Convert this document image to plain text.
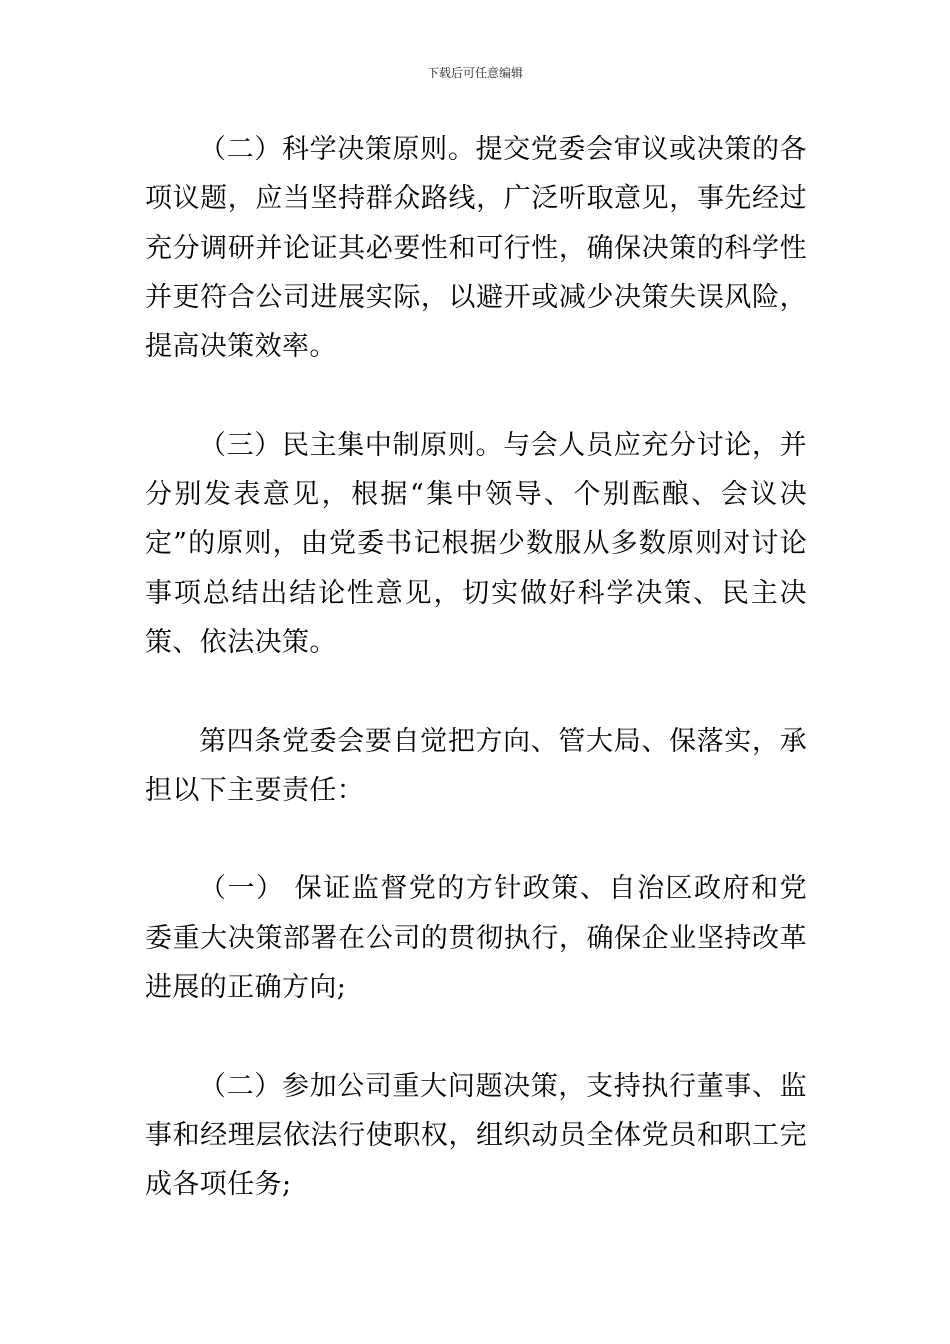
下载后可任意编辑

（二）科学决策原则。提交党委会审议或决策的各项议题，应当坚持群众路线，广泛听取意见，事先经过充分调研并论证其必要性和可行性，确保决策的科学性并更符合公司进展实际，以避开或减少决策失误风险，提高决策效率。

（三）民主集中制原则。与会人员应充分讨论，并分别发表意见，根据“集中领导、个别酝酿、会议决定”的原则，由党委书记根据少数服从多数原则对讨论事项总结出结论性意见，切实做好科学决策、民主决策、依法决策。

第四条党委会要自觉把方向、管大局、保落实，承担以下主要责任：

（一） 保证监督党的方针政策、自治区政府和党委重大决策部署在公司的贯彻执行，确保企业坚持改革进展的正确方向;

（二）参加公司重大问题决策，支持执行董事、监事和经理层依法行使职权，组织动员全体党员和职工完成各项任务;
